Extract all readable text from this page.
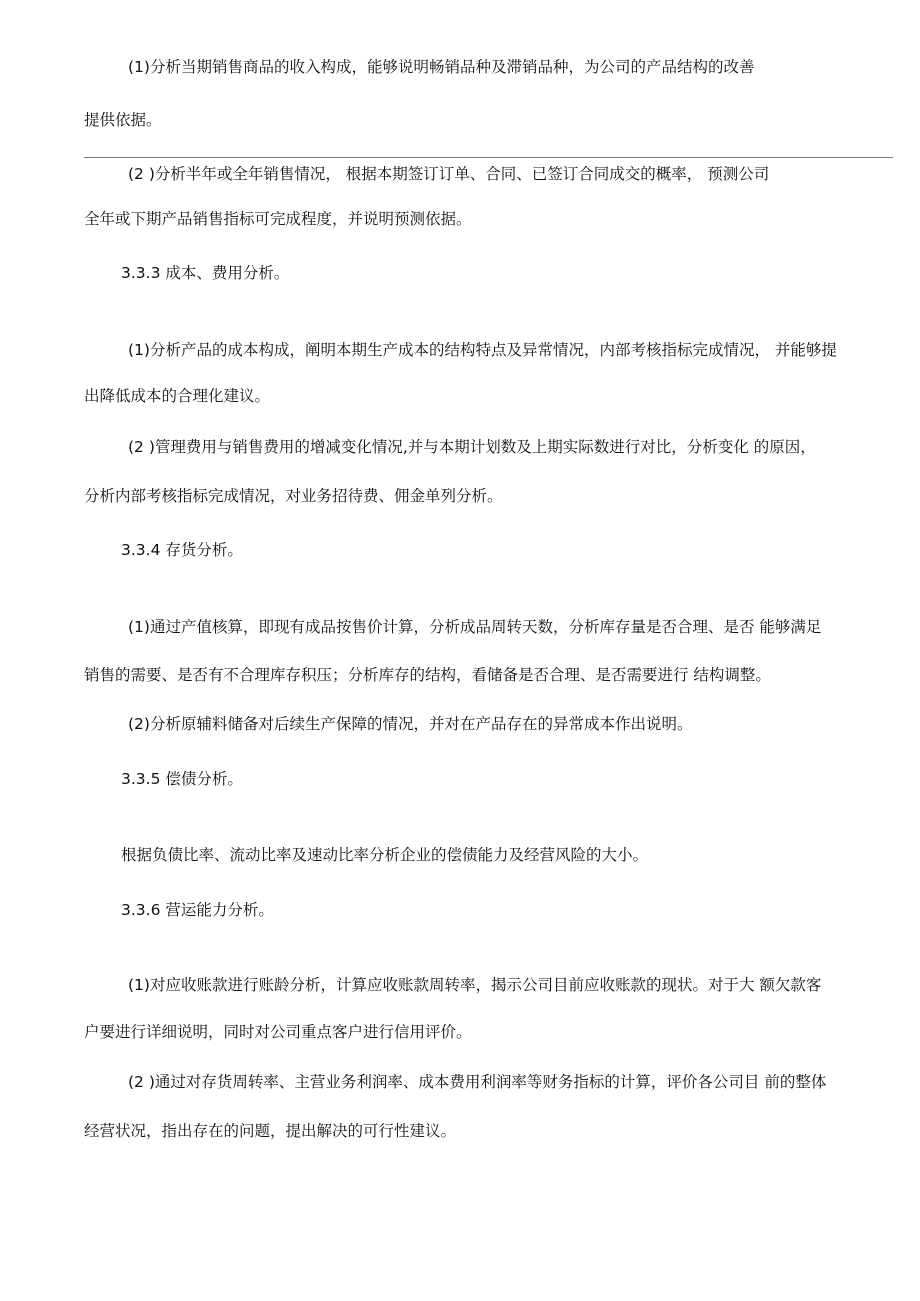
(1)分析当期销售商品的收入构成，能够说明畅销品种及滞销品种，为公司的产品结构的改善
提供依据。
(2 )分析半年或全年销售情况， 根据本期签订订单、合同、已签订合同成交的概率， 预测公司
全年或下期产品销售指标可完成程度，并说明预测依据。
3.3.3 成本、费用分析。
(1)分析产品的成本构成，阐明本期生产成本的结构特点及异常情况，内部考核指标完成情况， 并能够提
出降低成本的合理化建议。
(2 )管理费用与销售费用的增减变化情况,并与本期计划数及上期实际数进行对比，分析变化 的原因，
分析内部考核指标完成情况，对业务招待费、佣金单列分析。
3.3.4 存货分析。
(1)通过产值核算，即现有成品按售价计算，分析成品周转天数，分析库存量是否合理、是否 能够满足
销售的需要、是否有不合理库存积压；分析库存的结构，看储备是否合理、是否需要进行 结构调整。
(2)分析原辅料储备对后续生产保障的情况，并对在产品存在的异常成本作出说明。
3.3.5 偿债分析。
根据负债比率、流动比率及速动比率分析企业的偿债能力及经营风险的大小。
3.3.6 营运能力分析。
(1)对应收账款进行账龄分析，计算应收账款周转率，揭示公司目前应收账款的现状。对于大 额欠款客
户要进行详细说明，同时对公司重点客户进行信用评价。
(2 )通过对存货周转率、主营业务利润率、成本费用利润率等财务指标的计算，评价各公司目 前的整体
经营状况，指出存在的问题，提出解决的可行性建议。
